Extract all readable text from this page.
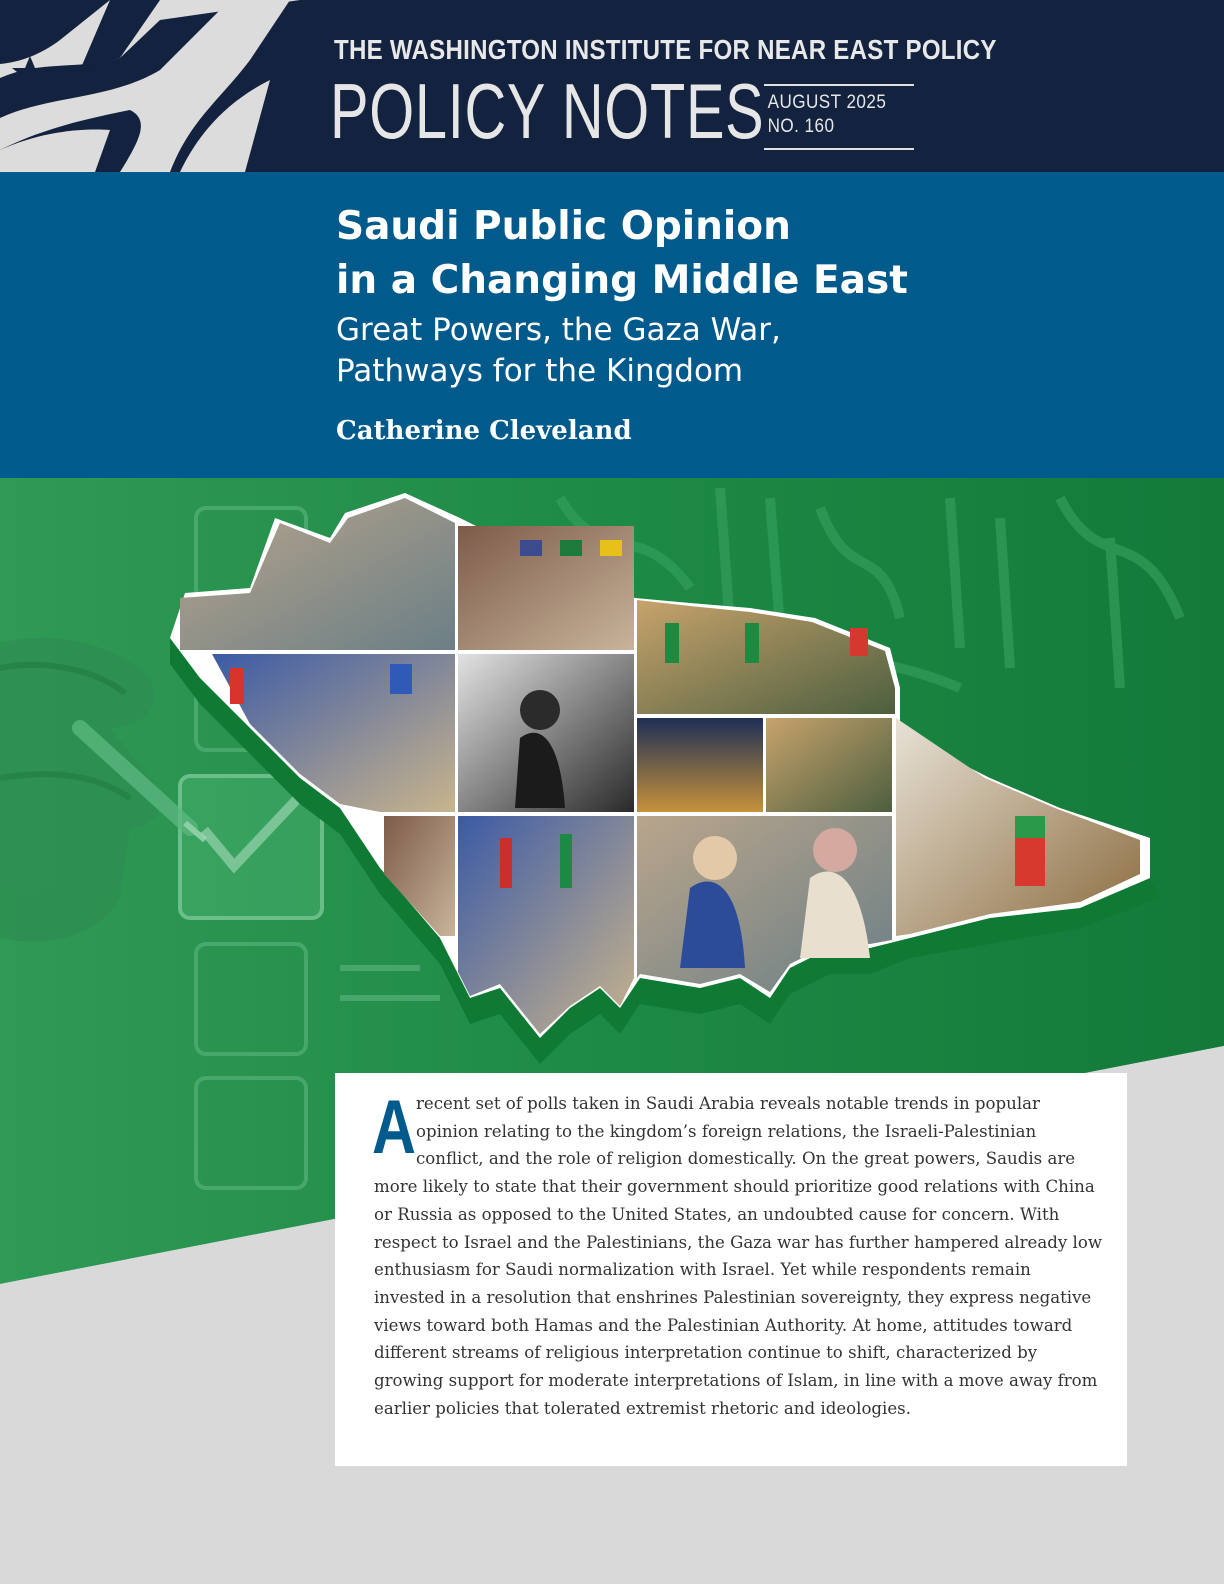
THE WASHINGTON INSTITUTE FOR NEAR EAST POLICY
POLICY NOTES AUGUST 2025
NO. 160
Saudi Public Opinion
in a Changing Middle East
Great Powers, the Gaza War,
Pathways for the Kingdom
Catherine Cleveland

Arecent set of polls taken in Saudi Arabia reveals notable trends in popular opinion relating to the kingdom’s foreign relations, the Israeli-Palestinian conflict, and the role of religion domestically. On the great powers, Saudis are more likely to state that their government should prioritize good relations with China or Russia as opposed to the United States, an undoubted cause for concern. With respect to Israel and the Palestinians, the Gaza war has further hampered already low enthusiasm for Saudi normalization with Israel. Yet while respondents remain invested in a resolution that enshrines Palestinian sovereignty, they express negative views toward both Hamas and the Palestinian Authority. At home, attitudes toward different streams of religious interpretation continue to shift, characterized by growing support for moderate interpretations of Islam, in line with a move away from earlier policies that tolerated extremist rhetoric and ideologies.
